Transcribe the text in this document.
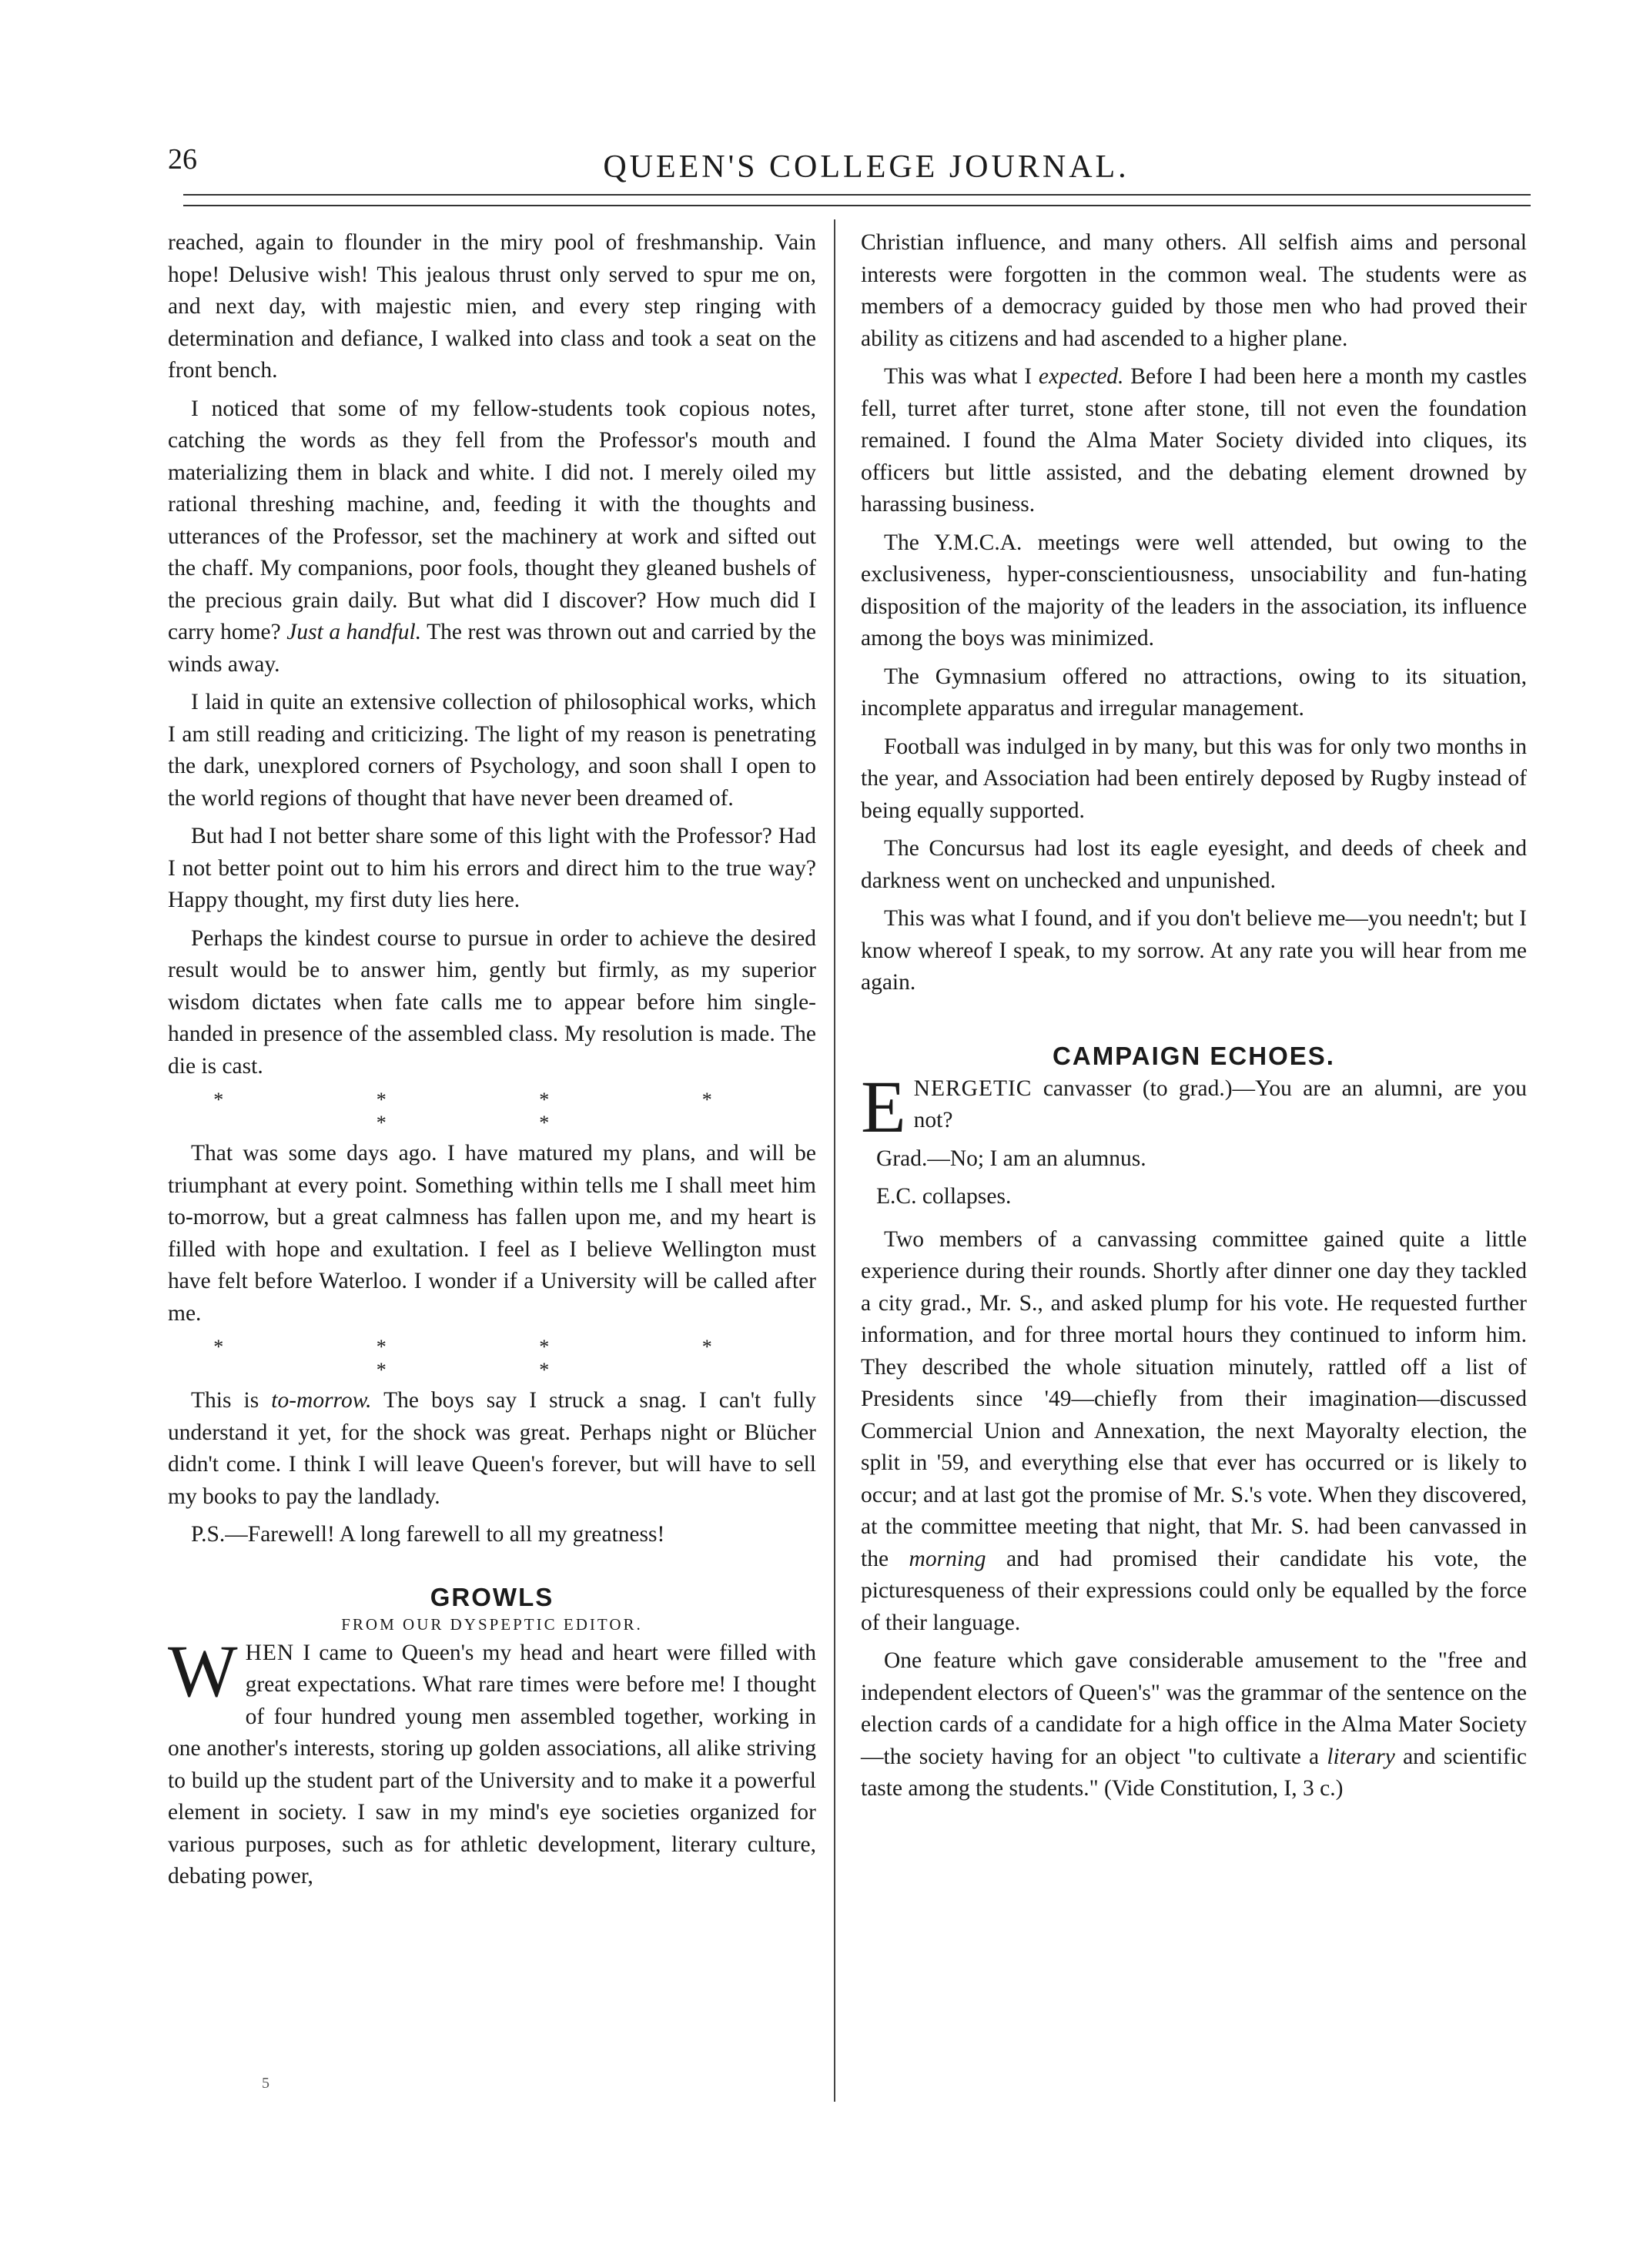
26	QUEEN'S COLLEGE JOURNAL.

reached, again to flounder in the miry pool of freshmanship. Vain hope! Delusive wish! This jealous thrust only served to spur me on, and next day, with majestic mien, and every step ringing with determination and defiance, I walked into class and took a seat on the front bench.

I noticed that some of my fellow-students took copious notes, catching the words as they fell from the Professor's mouth and materializing them in black and white. I did not. I merely oiled my rational threshing machine, and, feeding it with the thoughts and utterances of the Professor, set the machinery at work and sifted out the chaff. My companions, poor fools, thought they gleaned bushels of the precious grain daily. But what did I discover? How much did I carry home? Just a handful. The rest was thrown out and carried by the winds away.

I laid in quite an extensive collection of philosophical works, which I am still reading and criticizing. The light of my reason is penetrating the dark, unexplored corners of Psychology, and soon shall I open to the world regions of thought that have never been dreamed of.

But had I not better share some of this light with the Professor? Had I not better point out to him his errors and direct him to the true way? Happy thought, my first duty lies here.

Perhaps the kindest course to pursue in order to achieve the desired result would be to answer him, gently but firmly, as my superior wisdom dictates when fate calls me to appear before him single-handed in presence of the assembled class. My resolution is made. The die is cast.

* * * * * *

That was some days ago. I have matured my plans, and will be triumphant at every point. Something within tells me I shall meet him to-morrow, but a great calmness has fallen upon me, and my heart is filled with hope and exultation. I feel as I believe Wellington must have felt before Waterloo. I wonder if a University will be called after me.

* * * * * *

This is to-morrow. The boys say I struck a snag. I can't fully understand it yet, for the shock was great. Perhaps night or Blücher didn't come. I think I will leave Queen's forever, but will have to sell my books to pay the landlady.

P.S.—Farewell! A long farewell to all my greatness!

GROWLS
FROM OUR DYSPEPTIC EDITOR.

WHEN I came to Queen's my head and heart were filled with great expectations. What rare times were before me! I thought of four hundred young men assembled together, working in one another's interests, storing up golden associations, all alike striving to build up the student part of the University and to make it a powerful element in society. I saw in my mind's eye societies organized for various purposes, such as for athletic development, literary culture, debating power,

Christian influence, and many others. All selfish aims and personal interests were forgotten in the common weal. The students were as members of a democracy guided by those men who had proved their ability as citizens and had ascended to a higher plane.

This was what I expected. Before I had been here a month my castles fell, turret after turret, stone after stone, till not even the foundation remained. I found the Alma Mater Society divided into cliques, its officers but little assisted, and the debating element drowned by harassing business.

The Y.M.C.A. meetings were well attended, but owing to the exclusiveness, hyper-conscientiousness, unsociability and fun-hating disposition of the majority of the leaders in the association, its influence among the boys was minimized.

The Gymnasium offered no attractions, owing to its situation, incomplete apparatus and irregular management.

Football was indulged in by many, but this was for only two months in the year, and Association had been entirely deposed by Rugby instead of being equally supported.

The Concursus had lost its eagle eyesight, and deeds of cheek and darkness went on unchecked and unpunished.

This was what I found, and if you don't believe me—you needn't; but I know whereof I speak, to my sorrow. At any rate you will hear from me again.

CAMPAIGN ECHOES.

ENERGETIC canvasser (to grad.)—You are an alumni, are you not?

Grad.—No; I am an alumnus.

E.C. collapses.

Two members of a canvassing committee gained quite a little experience during their rounds. Shortly after dinner one day they tackled a city grad., Mr. S., and asked plump for his vote. He requested further information, and for three mortal hours they continued to inform him. They described the whole situation minutely, rattled off a list of Presidents since '49—chiefly from their imagination—discussed Commercial Union and Annexation, the next Mayoralty election, the split in '59, and everything else that ever has occurred or is likely to occur; and at last got the promise of Mr. S.'s vote. When they discovered, at the committee meeting that night, that Mr. S. had been canvassed in the morning and had promised their candidate his vote, the picturesqueness of their expressions could only be equalled by the force of their language.

One feature which gave considerable amusement to the "free and independent electors of Queen's" was the grammar of the sentence on the election cards of a candidate for a high office in the Alma Mater Society—the society having for an object "to cultivate a literary and scientific taste among the students." (Vide Constitution, I, 3 c.)

5
